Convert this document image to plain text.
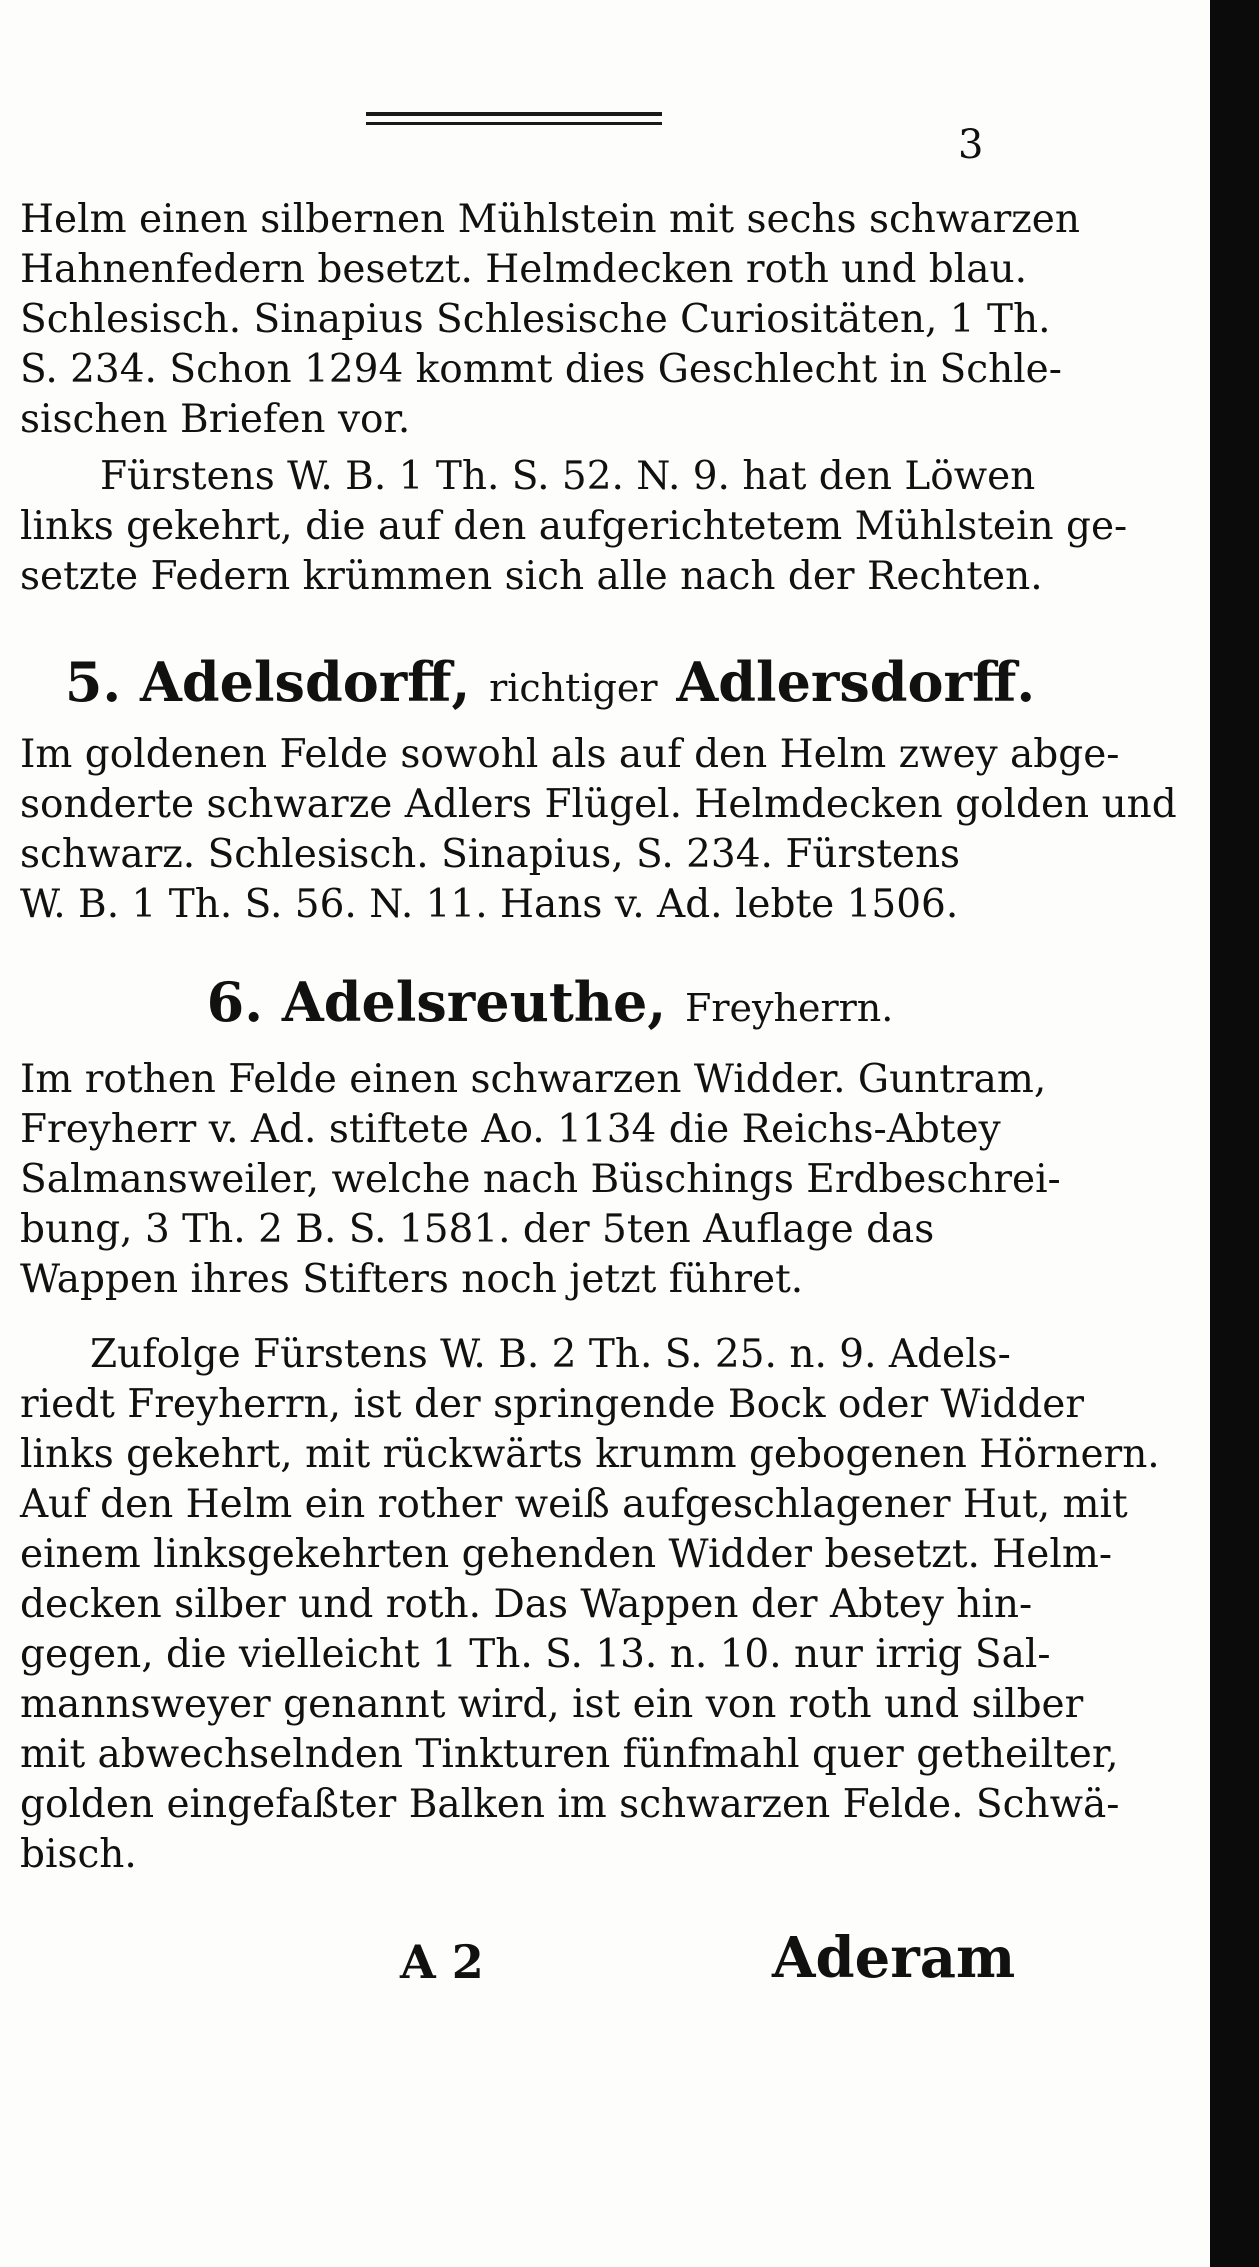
3

Helm einen silbernen Mühlstein mit sechs schwarzen
Hahnenfedern besetzt. Helmdecken roth und blau.
Schlesisch. Sinapius Schlesische Curiositäten, 1 Th.
S. 234. Schon 1294 kommt dies Geschlecht in Schle-
sischen Briefen vor.

Fürstens W. B. 1 Th. S. 52. N. 9. hat den Löwen
links gekehrt, die auf den aufgerichtetem Mühlstein ge-
setzte Federn krümmen sich alle nach der Rechten.

5. Adelsdorff, richtiger Adlersdorff.

Im goldenen Felde sowohl als auf den Helm zwey abge-
sonderte schwarze Adlers Flügel. Helmdecken golden und
schwarz. Schlesisch. Sinapius, S. 234. Fürstens
W. B. 1 Th. S. 56. N. 11. Hans v. Ad. lebte 1506.

6. Adelsreuthe, Freyherrn.

Im rothen Felde einen schwarzen Widder. Guntram,
Freyherr v. Ad. stiftete Ao. 1134 die Reichs-Abtey
Salmansweiler, welche nach Büschings Erdbeschrei-
bung, 3 Th. 2 B. S. 1581. der 5ten Auflage das
Wappen ihres Stifters noch jetzt führet.

Zufolge Fürstens W. B. 2 Th. S. 25. n. 9. Adels-
riedt Freyherrn, ist der springende Bock oder Widder
links gekehrt, mit rückwärts krumm gebogenen Hörnern.
Auf den Helm ein rother weiß aufgeschlagener Hut, mit
einem linksgekehrten gehenden Widder besetzt. Helm-
decken silber und roth. Das Wappen der Abtey hin-
gegen, die vielleicht 1 Th. S. 13. n. 10. nur irrig Sal-
mannsweyer genannt wird, ist ein von roth und silber
mit abwechselnden Tinkturen fünfmahl quer getheilter,
golden eingefaßter Balken im schwarzen Felde. Schwä-
bisch.

A 2	Aderam
